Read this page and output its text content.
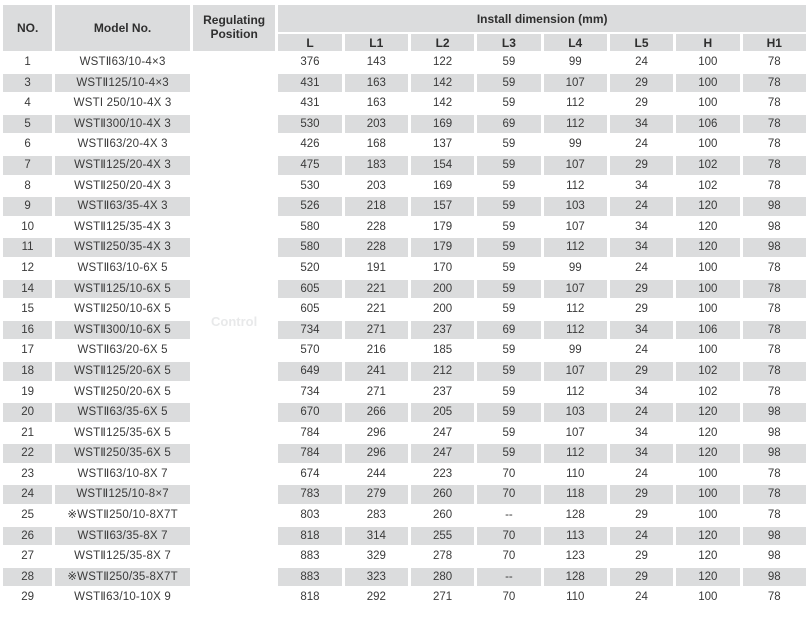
NO.	Model No.	Regulating Position	Install dimension (mm)							
			L	L1	L2	L3	L4	L5	H	H1
1	WSTⅡ63/10-4×3	Control	376	143	122	59	99	24	100	78
3	WSTⅡ125/10-4×3		431	163	142	59	107	29	100	78
4	WSTI 250/10-4X 3		431	163	142	59	112	29	100	78
5	WSTⅡ300/10-4X 3		530	203	169	69	112	34	106	78
6	WSTⅡ63/20-4X 3		426	168	137	59	99	24	100	78
7	WSTⅡ125/20-4X 3		475	183	154	59	107	29	102	78
8	WSTⅡ250/20-4X 3		530	203	169	59	112	34	102	78
9	WSTⅡ63/35-4X 3		526	218	157	59	103	24	120	98
10	WSTⅡ125/35-4X 3		580	228	179	59	107	34	120	98
11	WSTⅡ250/35-4X 3		580	228	179	59	112	34	120	98
12	WSTⅡ63/10-6X 5		520	191	170	59	99	24	100	78
14	WSTⅡ125/10-6X 5		605	221	200	59	107	29	100	78
15	WSTⅡ250/10-6X 5		605	221	200	59	112	29	100	78
16	WSTⅡ300/10-6X 5		734	271	237	69	112	34	106	78
17	WSTⅡ63/20-6X 5		570	216	185	59	99	24	100	78
18	WSTⅡ125/20-6X 5		649	241	212	59	107	29	102	78
19	WSTⅡ250/20-6X 5		734	271	237	59	112	34	102	78
20	WSTⅡ63/35-6X 5		670	266	205	59	103	24	120	98
21	WSTⅡ125/35-6X 5		784	296	247	59	107	34	120	98
22	WSTⅡ250/35-6X 5		784	296	247	59	112	34	120	98
23	WSTⅡ63/10-8X 7		674	244	223	70	110	24	100	78
24	WSTⅡ125/10-8×7		783	279	260	70	118	29	100	78
25	※WSTⅡ250/10-8X7T		803	283	260	--	128	29	100	78
26	WSTⅡ63/35-8X 7		818	314	255	70	113	24	120	98
27	WSTⅡ125/35-8X 7		883	329	278	70	123	29	120	98
28	※WSTⅡ250/35-8X7T		883	323	280	--	128	29	120	98
29	WSTⅡ63/10-10X 9		818	292	271	70	110	24	100	78
